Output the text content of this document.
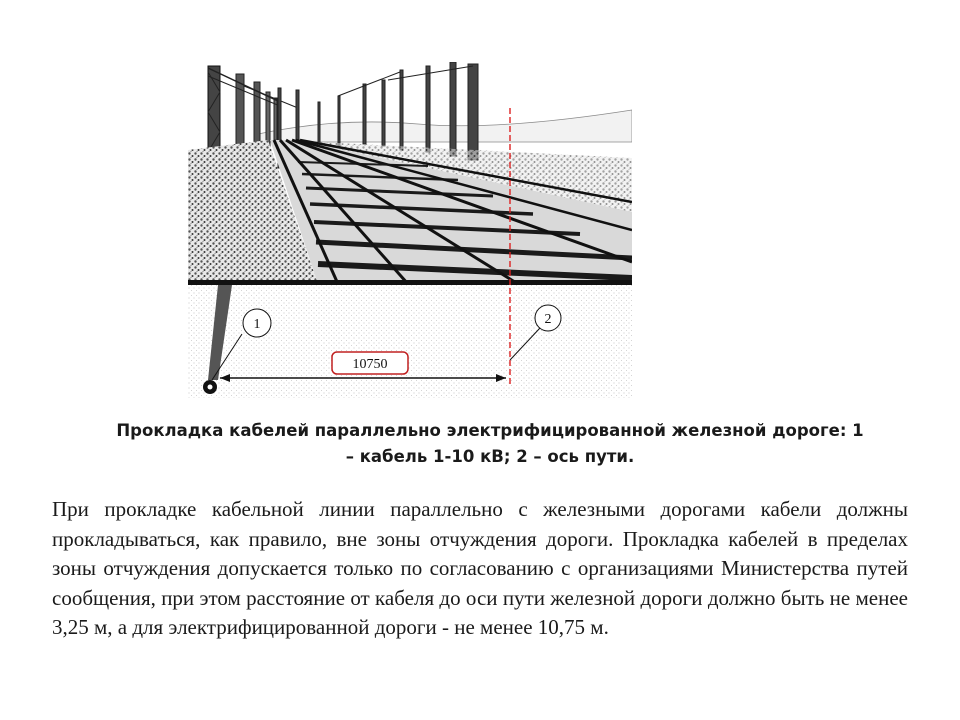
10750
1	2
Прокладка кабелей параллельно электрифицированной железной дороге: 1
– кабель 1-10 кВ; 2 – ось пути.
При прокладке кабельной линии параллельно с железными дорогами кабели должны прокладываться, как правило, вне зоны отчуждения дороги. Прокладка кабелей в пределах зоны отчуждения допускается только по согласованию с организациями Министерства путей сообщения, при этом расстояние от кабеля до оси пути железной дороги должно быть не менее 3,25 м, а для электрифицированной дороги - не менее 10,75 м.
